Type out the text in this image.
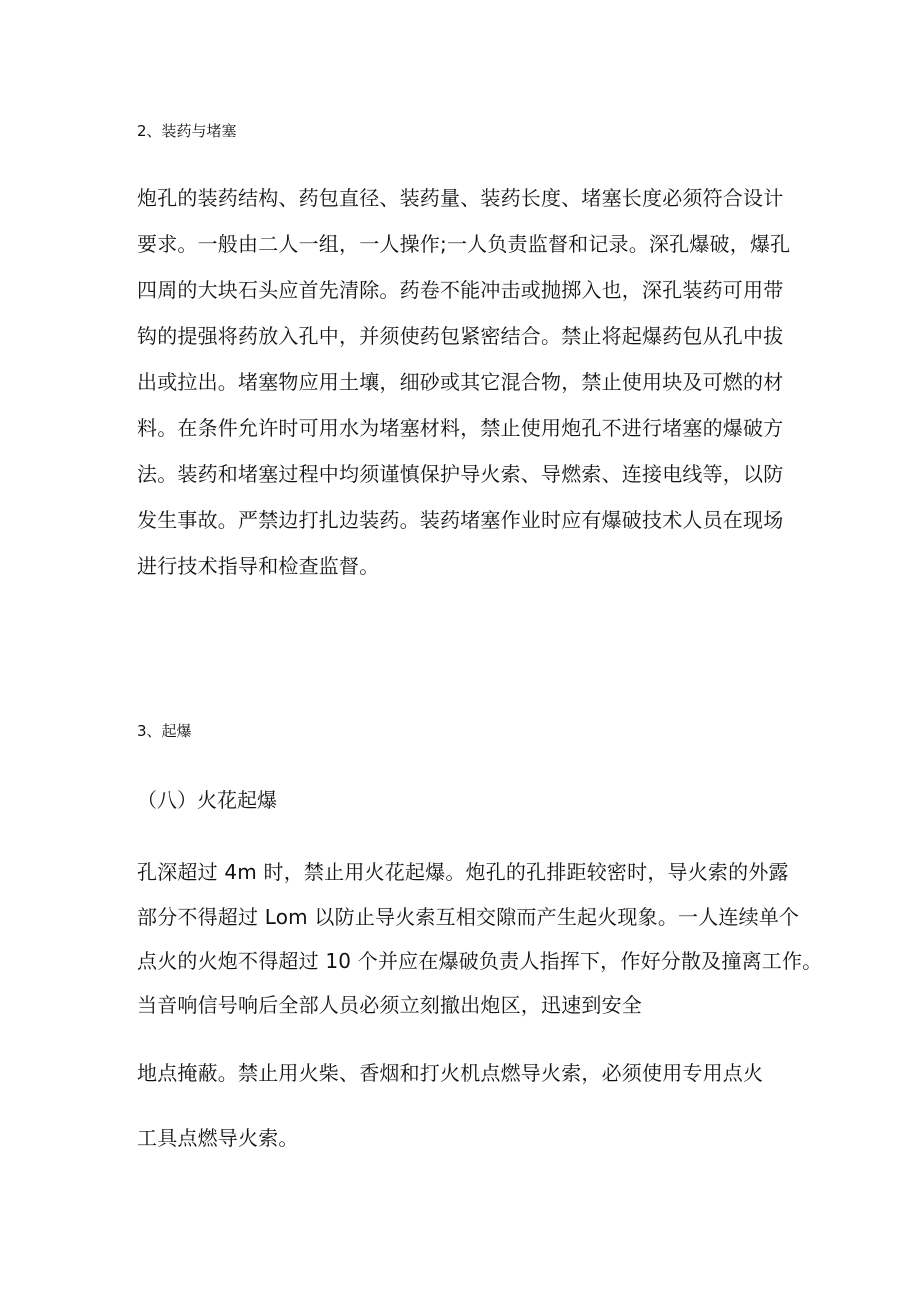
2、装药与堵塞
炮孔的装药结构、药包直径、装药量、装药长度、堵塞长度必须符合设计
要求。一般由二人一组，一人操作;一人负责监督和记录。深孔爆破，爆孔
四周的大块石头应首先清除。药卷不能冲击或抛掷入也，深孔装药可用带
钩的提强将药放入孔中，并须使药包紧密结合。禁止将起爆药包从孔中拔
出或拉出。堵塞物应用土壤，细砂或其它混合物，禁止使用块及可燃的材
料。在条件允许时可用水为堵塞材料，禁止使用炮孔不进行堵塞的爆破方
法。装药和堵塞过程中均须谨慎保护导火索、导燃索、连接电线等，以防
发生事故。严禁边打扎边装药。装药堵塞作业时应有爆破技术人员在现场
进行技术指导和检查监督。
3、起爆
（八）火花起爆
孔深超过 4m 时，禁止用火花起爆。炮孔的孔排距较密时，导火索的外露
部分不得超过 Lom 以防止导火索互相交隙而产生起火现象。一人连续单个
点火的火炮不得超过 10 个并应在爆破负责人指挥下，作好分散及撞离工作。
当音响信号响后全部人员必须立刻撤出炮区，迅速到安全
地点掩蔽。禁止用火柴、香烟和打火机点燃导火索，必须使用专用点火
工具点燃导火索。
